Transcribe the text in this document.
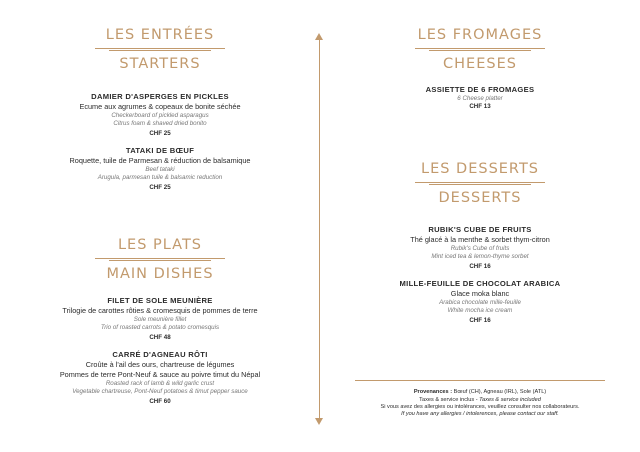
LES ENTRÉES
STARTERS
DAMIER D'ASPERGES EN PICKLES
Ecume aux agrumes & copeaux de bonite séchée
Checkerboard of pickled asparagus
Citrus foam & shaved dried bonito
CHF 25
TATAKI DE BŒUF
Roquette, tuile de Parmesan & réduction de balsamique
Beef tataki
Arugula, parmesan tuile & balsamic reduction
CHF 25
LES PLATS
MAIN DISHES
FILET DE SOLE MEUNIÈRE
Trilogie de carottes rôties & cromesquis de pommes de terre
Sole meunière fillet
Trio of roasted carrots & potato cromesquis
CHF 48
CARRÉ D'AGNEAU RÔTI
Croûte à l'ail des ours, chartreuse de légumes
Pommes de terre Pont-Neuf & sauce au poivre timut du Népal
Roasted rack of lamb & wild garlic crust
Vegetable chartreuse, Pont-Neuf potatoes & timut pepper sauce
CHF 60
LES FROMAGES
CHEESES
ASSIETTE DE 6 FROMAGES
6 Cheese platter
CHF 13
LES DESSERTS
DESSERTS
RUBIK'S CUBE DE FRUITS
Thé glacé à la menthe & sorbet thym-citron
Rubik's Cube of fruits
Mint iced tea & lemon-thyme sorbet
CHF 16
MILLE-FEUILLE DE CHOCOLAT ARABICA
Glace moka blanc
Arabica chocolate mille-feuille
White mocha ice cream
CHF 16
Provenances : Bœuf (CH), Agneau (IRL), Sole (ATL)
Taxes & service inclus - Taxes & service included
Si vous avez des allergies ou intolérances, veuillez consulter nos collaborateurs.
If you have any allergies / intolerences, please contact our staff.
